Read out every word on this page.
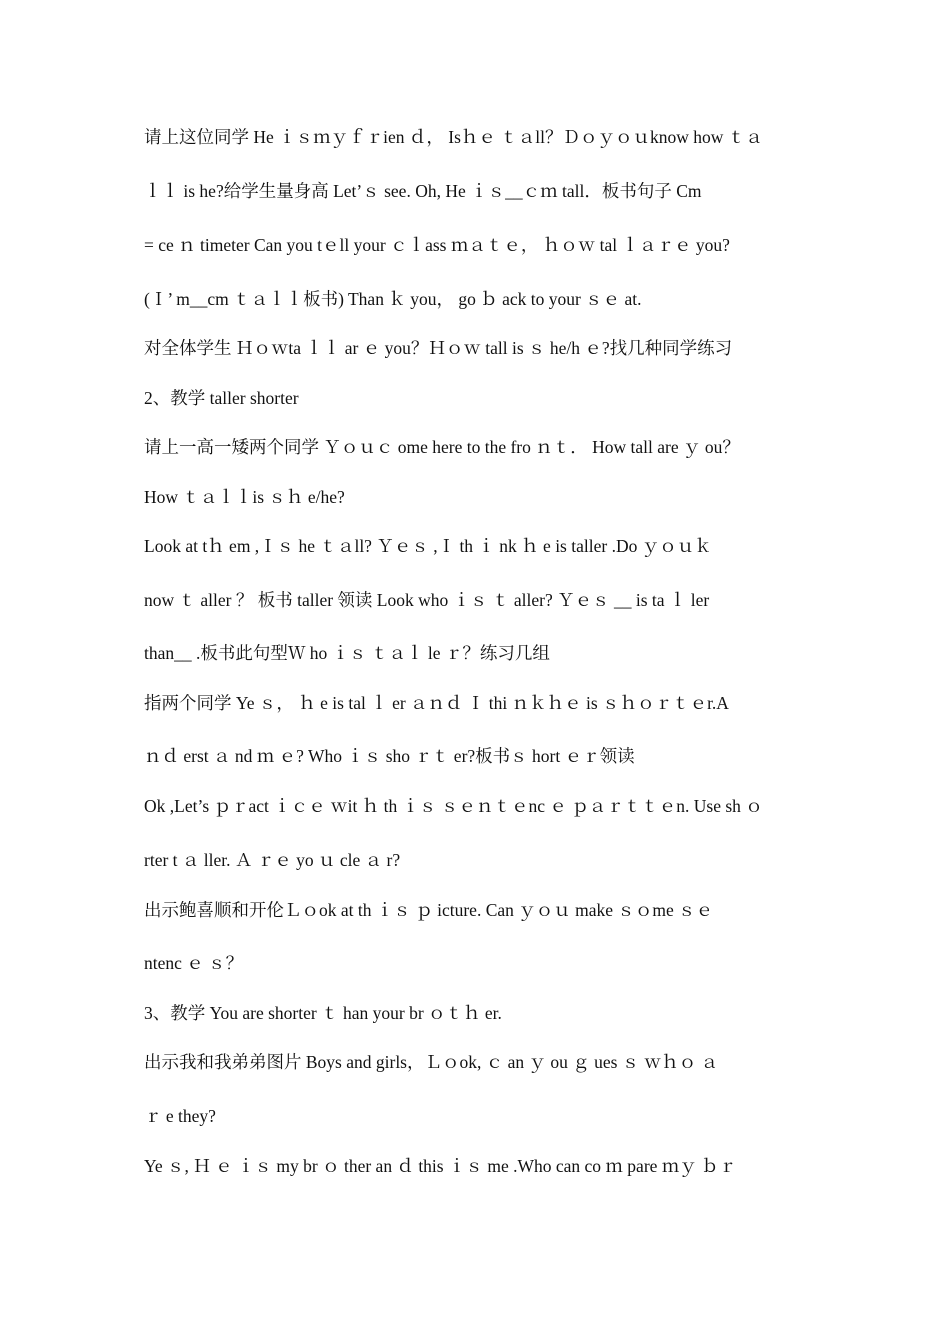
请上这位同学 He ｉｓｍｙｆｒien ｄ， Isｈｅ ｔａll？Ｄｏｙｏｕknow how ｔａ
ｌｌ is he?给学生量身高 Let’ｓ see. Oh, He ｉｓ__ｃｍ tall．板书句子 Cm
= ce ｎ timeter Can you tｅll your ｃｌass ｍａｔｅ， ｈｏｗ tal ｌａｒｅ you?
(Ｉ’ m__cm ｔａｌｌ板书) Than ｋ you， go ｂ ack to your ｓｅ at.
对全体学生 Ｈｏｗta ｌｌ ar ｅ you？Ｈｏｗ tall is ｓ he/h ｅ?找几种同学练习
2、教学 taller shorter
请上一高一矮两个同学 Ｙｏｕｃ ome here to the fro ｎｔ． How tall are ｙ ou？
How ｔａｌｌis ｓｈ e/he?
Look at tｈ em ,Ｉｓ he ｔａll? Ｙｅｓ ,Ｉ th ｉ nk ｈ e is taller .Do ｙｏｕｋ
now ｔ aller ？ 板书 taller 领读 Look who ｉｓ ｔ aller? Ｙｅｓ __ is ta ｌ ler
than__ .板书此句型Ｗ ho ｉｓ ｔａｌ le ｒ？练习几组
指两个同学 Ye ｓ， ｈ e is tal ｌ er ａｎｄ Ｉ thi ｎｋｈｅ is ｓｈｏｒｔｅr.A
ｎｄ erst ａ nd ｍ ｅ? Who ｉｓ sho ｒｔ er?板书ｓ hort ｅｒ领读
Ok ,Let’s ｐｒact ｉｃｅ ｗit ｈ th ｉｓ ｓｅｎｔｅnc ｅ ｐａｒｔｔｅn. Use sh ｏ
rter t ａ ller. Ａ ｒｅ yo ｕ cle ａ r?
出示鲍喜顺和开伦Ｌｏok at th ｉｓ ｐ icture. Can ｙｏｕ make ｓｏme ｓｅ
ntenc ｅ ｓ？
3、教学 You are shorter ｔ han your br ｏｔｈ er.
出示我和我弟弟图片 Boys and girls，Ｌｏok, ｃ an ｙ ou ｇ ues ｓ ｗｈｏ ａ
ｒ e they?
Ye ｓ, Ｈ ｅ ｉｓ my br ｏ ther an ｄ this ｉｓ me .Who can co ｍ pare ｍｙ ｂｒ
